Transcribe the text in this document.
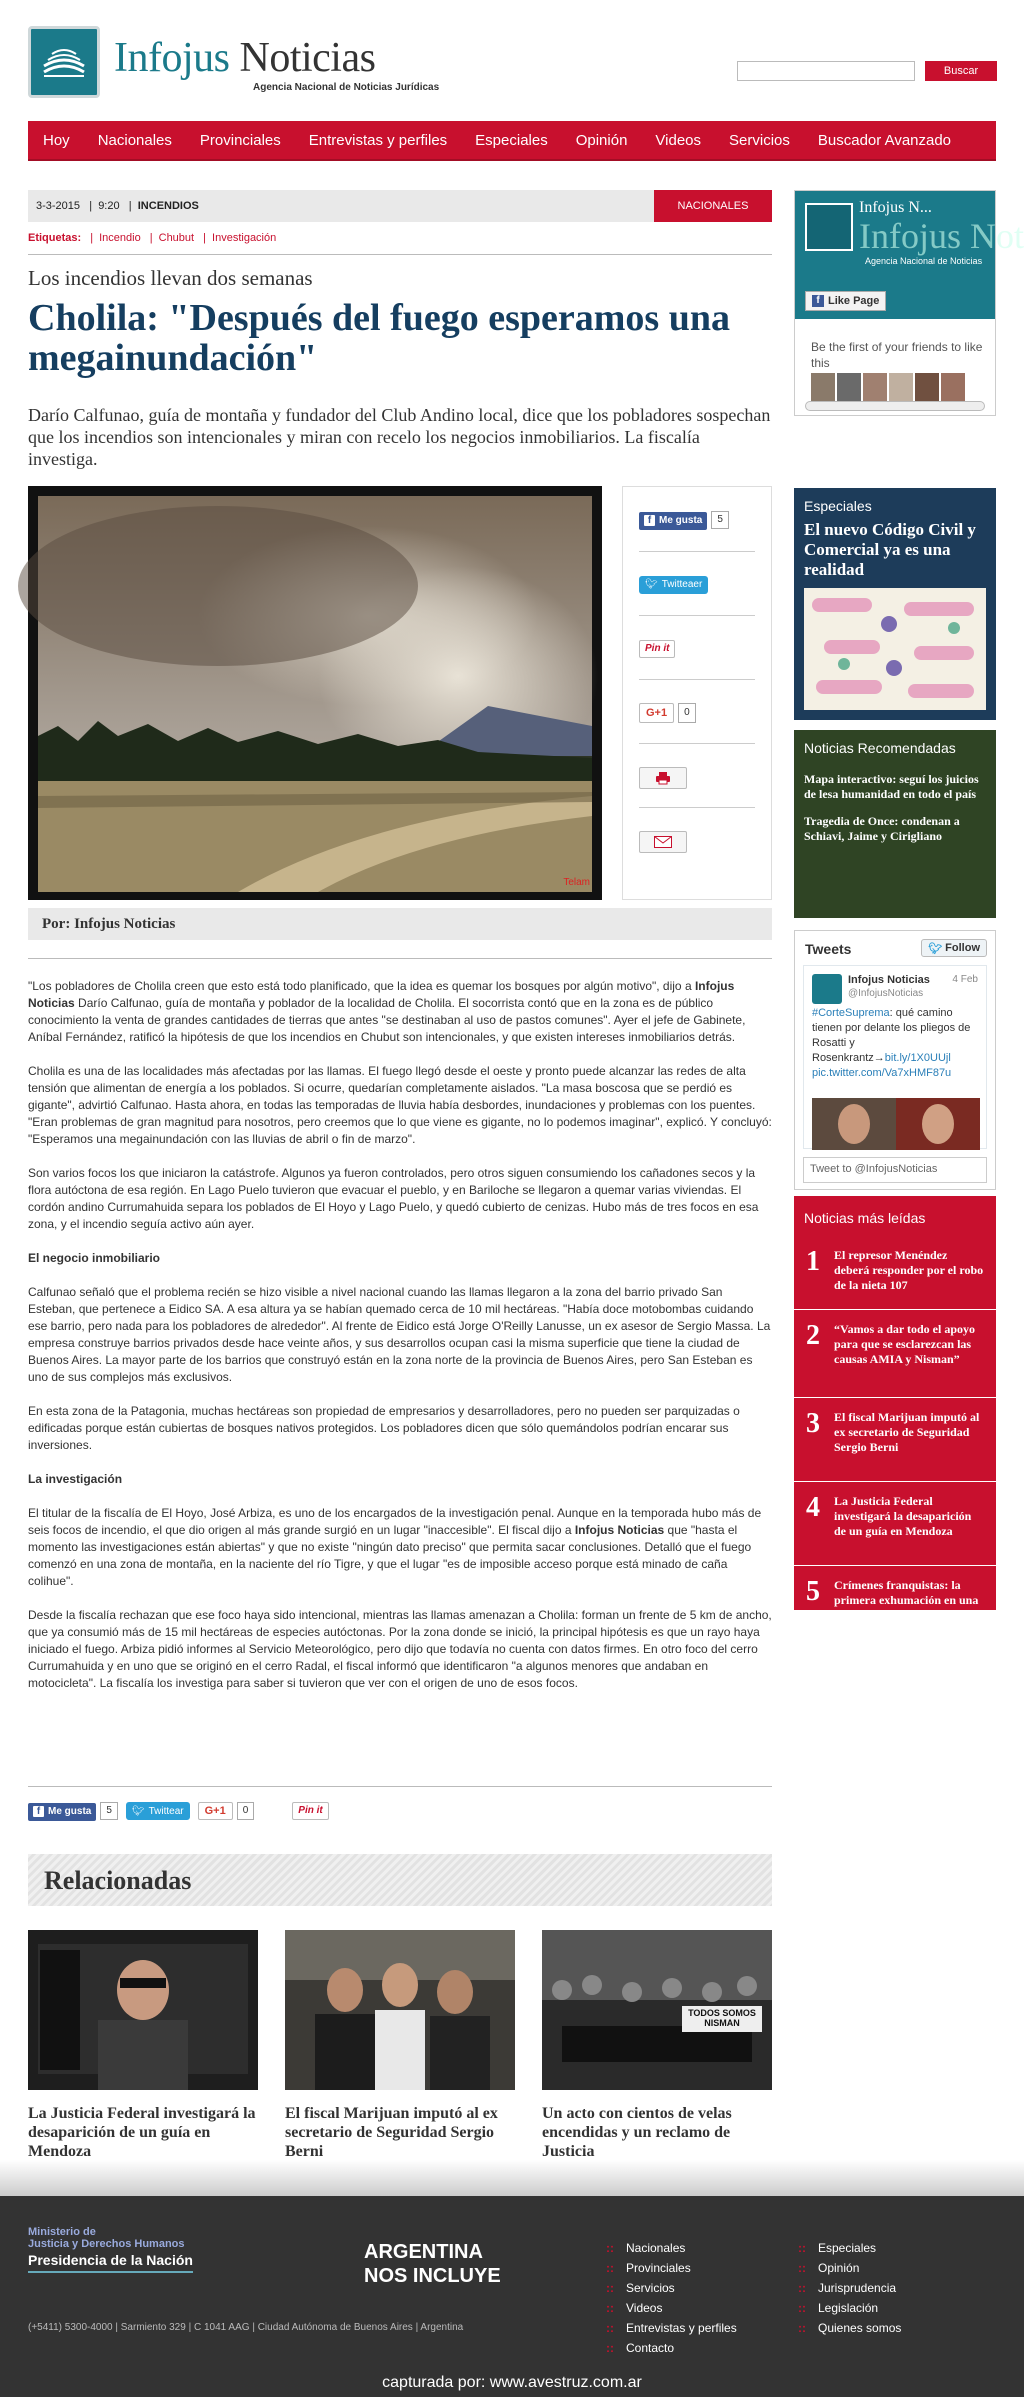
Infojus Noticias
Agencia Nacional de Noticias Jurídicas
Buscar
Hoy	Nacionales	Provinciales	Entrevistas y perfiles	Especiales	Opinión	Videos	Servicios	Buscador Avanzado
3-3-2015   |  9:20   |  INCENDIOS	NACIONALES
Etiquetas: | Incendio | Chubut | Investigación
Los incendios llevan dos semanas
Cholila: "Después del fuego esperamos una megainundación"
Darío Calfunao, guía de montaña y fundador del Club Andino local, dice que los pobladores sospechan que los incendios son intencionales y miran con recelo los negocios inmobiliarios. La fiscalía investiga.
Telam
f Me gusta 5
🐦︎ Twitteaer
Pin it
G+1 0
Por: Infojus Noticias

"Los pobladores de Cholila creen que esto está todo planificado, que la idea es quemar los bosques por algún motivo", dijo a Infojus Noticias Darío Calfunao, guía de montaña y poblador de la localidad de Cholila. El socorrista contó que en la zona es de público conocimiento la venta de grandes cantidades de tierras que antes "se destinaban al uso de pastos comunes". Ayer el jefe de Gabinete, Aníbal Fernández, ratificó la hipótesis de que los incendios en Chubut son intencionales, y que existen intereses inmobiliarios detrás.

Cholila es una de las localidades más afectadas por las llamas. El fuego llegó desde el oeste y pronto puede alcanzar las redes de alta tensión que alimentan de energía a los poblados. Si ocurre, quedarían completamente aislados. "La masa boscosa que se perdió es gigante", advirtió Calfunao. Hasta ahora, en todas las temporadas de lluvia había desbordes, inundaciones y problemas con los puentes. "Eran problemas de gran magnitud para nosotros, pero creemos que lo que viene es gigante, no lo podemos imaginar", explicó. Y concluyó: "Esperamos una megainundación con las lluvias de abril o fin de marzo".

Son varios focos los que iniciaron la catástrofe. Algunos ya fueron controlados, pero otros siguen consumiendo los cañadones secos y la flora autóctona de esa región. En Lago Puelo tuvieron que evacuar el pueblo, y en Bariloche se llegaron a quemar varias viviendas. El cordón andino Currumahuida separa los poblados de El Hoyo y Lago Puelo, y quedó cubierto de cenizas. Hubo más de tres focos en esa zona, y el incendio seguía activo aún ayer.

El negocio inmobiliario

Calfunao señaló que el problema recién se hizo visible a nivel nacional cuando las llamas llegaron a la zona del barrio privado San Esteban, que pertenece a Eidico SA. A esa altura ya se habían quemado cerca de 10 mil hectáreas. "Había doce motobombas cuidando ese barrio, pero nada para los pobladores de alrededor". Al frente de Eidico está Jorge O'Reilly Lanusse, un ex asesor de Sergio Massa. La empresa construye barrios privados desde hace veinte años, y sus desarrollos ocupan casi la misma superficie que tiene la ciudad de Buenos Aires. La mayor parte de los barrios que construyó están en la zona norte de la provincia de Buenos Aires, pero San Esteban es uno de sus complejos más exclusivos.

En esta zona de la Patagonia, muchas hectáreas son propiedad de empresarios y desarrolladores, pero no pueden ser parquizadas o edificadas porque están cubiertas de bosques nativos protegidos. Los pobladores dicen que sólo quemándolos podrían encarar sus inversiones.

La investigación

El titular de la fiscalía de El Hoyo, José Arbiza, es uno de los encargados de la investigación penal. Aunque en la temporada hubo más de seis focos de incendio, el que dio origen al más grande surgió en un lugar "inaccesible". El fiscal dijo a Infojus Noticias que "hasta el momento las investigaciones están abiertas" y que no existe "ningún dato preciso" que permita sacar conclusiones. Detalló que el fuego comenzó en una zona de montaña, en la naciente del río Tigre, y que el lugar "es de imposible acceso porque está minado de caña colihue".

Desde la fiscalía rechazan que ese foco haya sido intencional, mientras las llamas amenazan a Cholila: forman un frente de 5 km de ancho, que ya consumió más de 15 mil hectáreas de especies autóctonas. Por la zona donde se inició, la principal hipótesis es que un rayo haya iniciado el fuego. Arbiza pidió informes al Servicio Meteorológico, pero dijo que todavía no cuenta con datos firmes. En otro foco del cerro Currumahuida y en uno que se originó en el cerro Radal, el fiscal informó que identificaron "a algunos menores que andaban en motocicleta". La fiscalía los investiga para saber si tuvieron que ver con el origen de uno de esos focos.

f Me gusta 5	🐦︎ Twittear	G+1 0	Pin it
Relacionadas
La Justicia Federal investigará la desaparición de un guía en Mendoza
El fiscal Marijuan imputó al ex secretario de Seguridad Sergio Berni
TODOS SOMOS NISMAN
Un acto con cientos de velas encendidas y un reclamo de Justicia
Infojus N...
Infojus Not
Agencia Nacional de Noticias
f Like Page
Be the first of your friends to like this
Especiales
El nuevo Código Civil y Comercial ya es una realidad
Noticias Recomendadas
Mapa interactivo: seguí los juicios de lesa humanidad en todo el país
Tragedia de Once: condenan a Schiavi, Jaime y Cirigliano
Tweets	🐦︎ Follow
Infojus Noticias
@InfojusNoticias
4 Feb
#CorteSuprema: qué camino tienen por delante los pliegos de Rosatti y Rosenkrantz→bit.ly/1X0UUjl pic.twitter.com/Va7xHMF87u
Tweet to @InfojusNoticias
Noticias más leídas
1 El represor Menéndez deberá responder por el robo de la nieta 107
2 “Vamos a dar todo el apoyo para que se esclarezcan las causas AMIA y Nisman”
3 El fiscal Marijuan imputó al ex secretario de Seguridad Sergio Berni
4 La Justicia Federal investigará la desaparición de un guía en Mendoza
5 Crímenes franquistas: la primera exhumación en una causa penal
Ministerio de
Justicia y Derechos Humanos
Presidencia de la Nación	ARGENTINA
NOS INCLUYE
(+5411) 5300-4000 | Sarmiento 329 | C 1041 AAG | Ciudad Autónoma de Buenos Aires | Argentina
:: Nacionales
:: Provinciales
:: Servicios
:: Videos
:: Entrevistas y perfiles
:: Contacto
:: Especiales
:: Opinión
:: Jurisprudencia
:: Legislación
:: Quienes somos
capturada por: www.avestruz.com.ar
